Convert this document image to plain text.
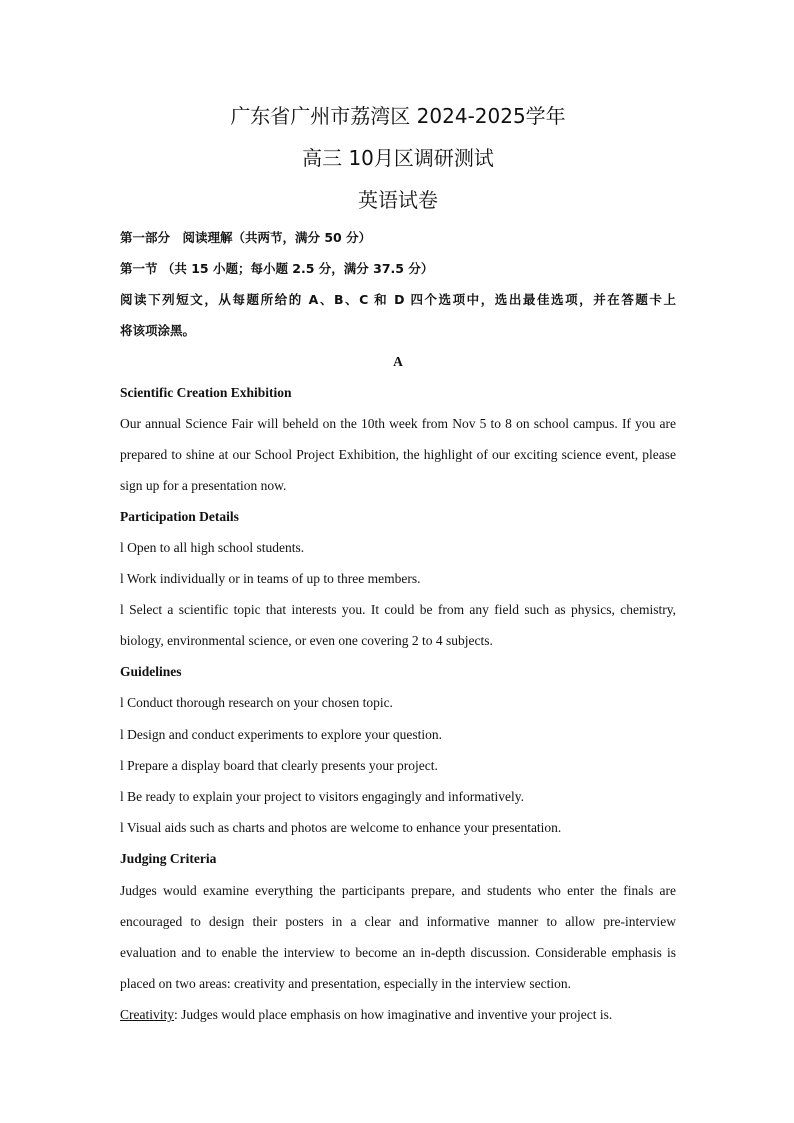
广东省广州市荔湾区 2024-2025学年
高三 10月区调研测试
英语试卷
第一部分　阅读理解（共两节，满分 50 分）
第一节 （共 15 小题；每小题 2.5 分，满分 37.5 分）
阅读下列短文，从每题所给的 A、B、C 和 D 四个选项中，选出最佳选项，并在答题卡上
将该项涂黑。
A
Scientific Creation Exhibition
Our annual Science Fair will beheld on the 10th week from Nov 5 to 8 on school campus. If you are
prepared to shine at our School Project Exhibition, the highlight of our exciting science event, please
sign up for a presentation now.
Participation Details
l Open to all high school students.
l Work individually or in teams of up to three members.
l Select a scientific topic that interests you. It could be from any field such as physics, chemistry,
biology, environmental science, or even one covering 2 to 4 subjects.
Guidelines
l Conduct thorough research on your chosen topic.
l Design and conduct experiments to explore your question.
l Prepare a display board that clearly presents your project.
l Be ready to explain your project to visitors engagingly and informatively.
l Visual aids such as charts and photos are welcome to enhance your presentation.
Judging Criteria
Judges would examine everything the participants prepare, and students who enter the finals are
encouraged to design their posters in a clear and informative manner to allow pre-interview
evaluation and to enable the interview to become an in-depth discussion. Considerable emphasis is
placed on two areas: creativity and presentation, especially in the interview section.
Creativity: Judges would place emphasis on how imaginative and inventive your project is.
